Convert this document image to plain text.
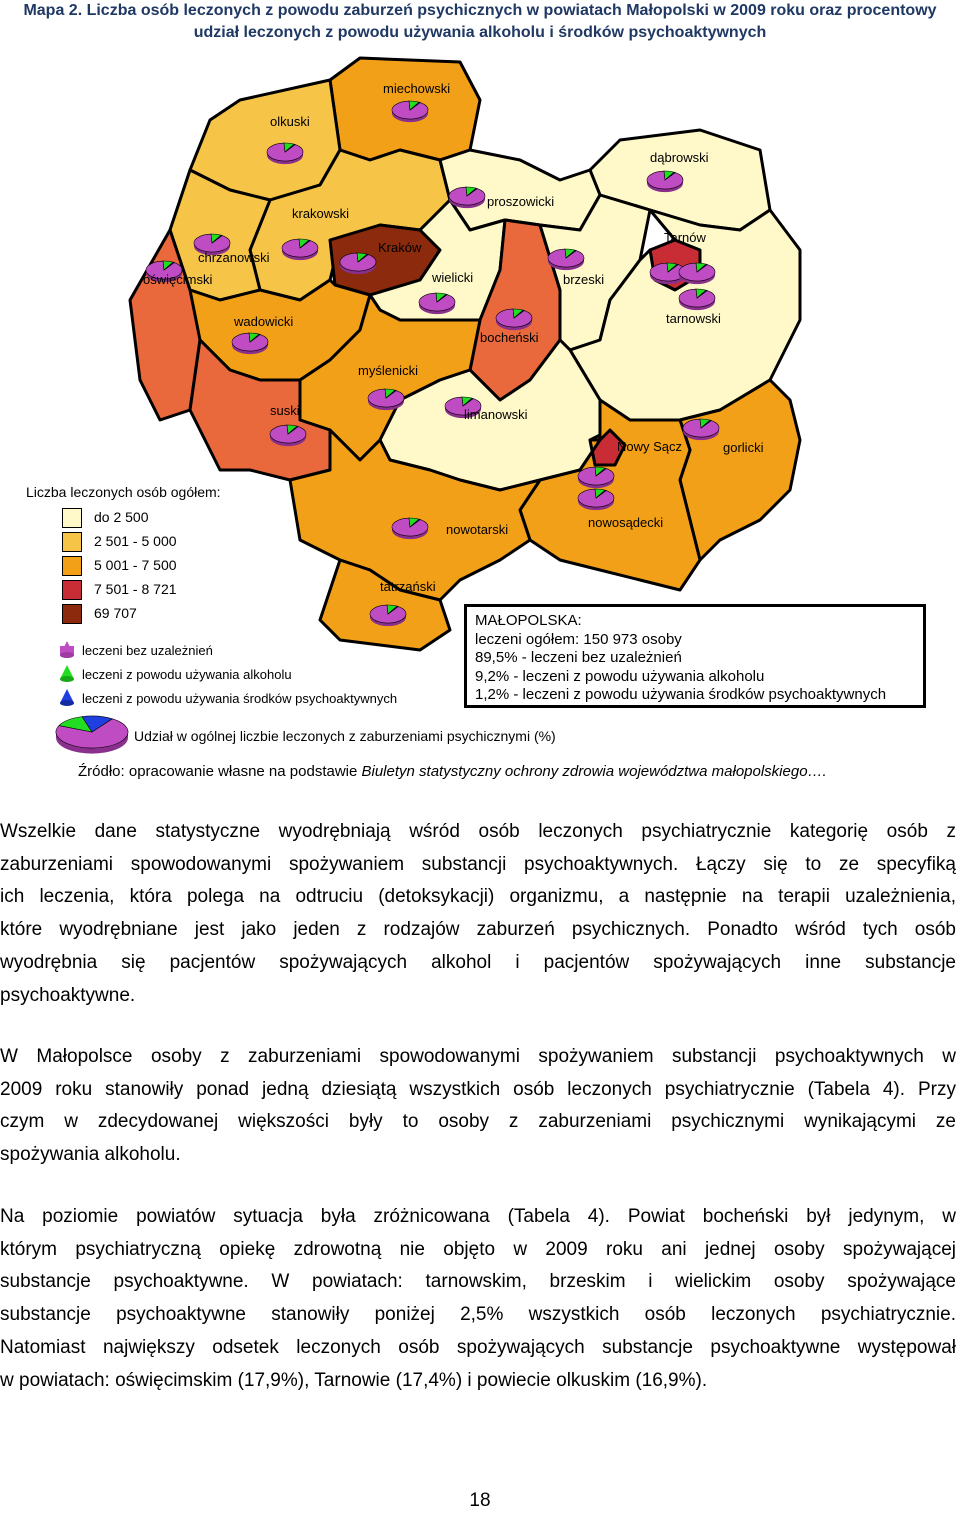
Mapa 2. Liczba osób leczonych z powodu zaburzeń psychicznych w powiatach Małopolski w 2009 roku oraz procentowy
udział leczonych z powodu używania alkoholu i środków psychoaktywnych
miechowski
olkuski
dąbrowski
krakowski
proszowicki
chrzanowski
Kraków
Tarnów
oświęcimski	wielicki	brzeski
wadowicki
bocheński
tarnowski
myślenicki
suski	limanowski
Nowy Sącz	gorlicki
nowotarski	nowosądecki
tatrzański
Liczba leczonych osób ogółem:
do 2 500
2 501 - 5 000
5 001 - 7 500
7 501 - 8 721
69 707
leczeni bez uzależnień
leczeni z powodu używania alkoholu
leczeni z powodu używania środków psychoaktywnych
Udział w ogólnej liczbie leczonych z zaburzeniami psychicznymi (%)
MAŁOPOLSKA:
leczeni ogółem: 150 973 osoby
89,5% - leczeni bez uzależnień
9,2% - leczeni z powodu używania alkoholu
1,2% - leczeni z powodu używania środków psychoaktywnych
Źródło: opracowanie własne na podstawie Biuletyn statystyczny ochrony zdrowia województwa małopolskiego….
Wszelkie dane statystyczne wyodrębniają wśród osób leczonych psychiatrycznie kategorię osób z
zaburzeniami spowodowanymi spożywaniem substancji psychoaktywnych. Łączy się to ze specyfiką
ich leczenia, która polega na odtruciu (detoksykacji) organizmu, a następnie na terapii uzależnienia,
które wyodrębniane jest jako jeden z rodzajów zaburzeń psychicznych. Ponadto wśród tych osób
wyodrębnia się pacjentów spożywających alkohol i pacjentów spożywających inne substancje
psychoaktywne.
W Małopolsce osoby z zaburzeniami spowodowanymi spożywaniem substancji psychoaktywnych w
2009 roku stanowiły ponad jedną dziesiątą wszystkich osób leczonych psychiatrycznie (Tabela 4). Przy
czym w zdecydowanej większości były to osoby z zaburzeniami psychicznymi wynikającymi ze
spożywania alkoholu.
Na poziomie powiatów sytuacja była zróżnicowana (Tabela 4). Powiat bocheński był jedynym, w
którym psychiatryczną opiekę zdrowotną nie objęto w 2009 roku ani jednej osoby spożywającej
substancje psychoaktywne. W powiatach: tarnowskim, brzeskim i wielickim osoby spożywające
substancje psychoaktywne stanowiły poniżej 2,5% wszystkich osób leczonych psychiatrycznie.
Natomiast największy odsetek leczonych osób spożywających substancje psychoaktywne występował
w powiatach: oświęcimskim (17,9%), Tarnowie (17,4%) i powiecie olkuskim (16,9%).
18
